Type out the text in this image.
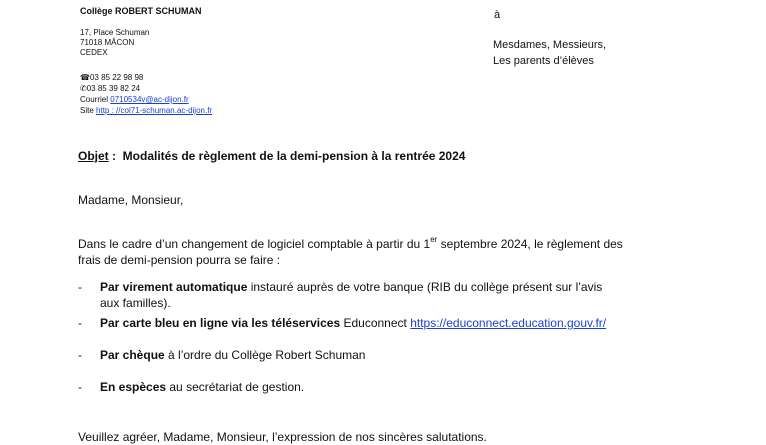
Collège ROBERT SCHUMAN
17, Place Schuman
71018 MÂCON
CEDEX
☎03 85 22 98 98
✆03 85 39 82 24
Courriel 0710534v@ac-dijon.fr
Site http : //col71-schuman.ac-dijon.fr
à
Mesdames, Messieurs,
Les parents d’élèves
Objet :  Modalités de règlement de la demi-pension à la rentrée 2024
Madame, Monsieur,
Dans le cadre d’un changement de logiciel comptable à partir du 1er septembre 2024, le règlement des
frais de demi-pension pourra se faire :
- Par virement automatique instauré auprès de votre banque (RIB du collège présent sur l’avis
aux familles).
- Par carte bleu en ligne via les téléservices Educonnect https://educonnect.education.gouv.fr/
- Par chèque à l’ordre du Collège Robert Schuman
- En espèces au secrétariat de gestion.
Veuillez agréer, Madame, Monsieur, l’expression de nos sincères salutations.
